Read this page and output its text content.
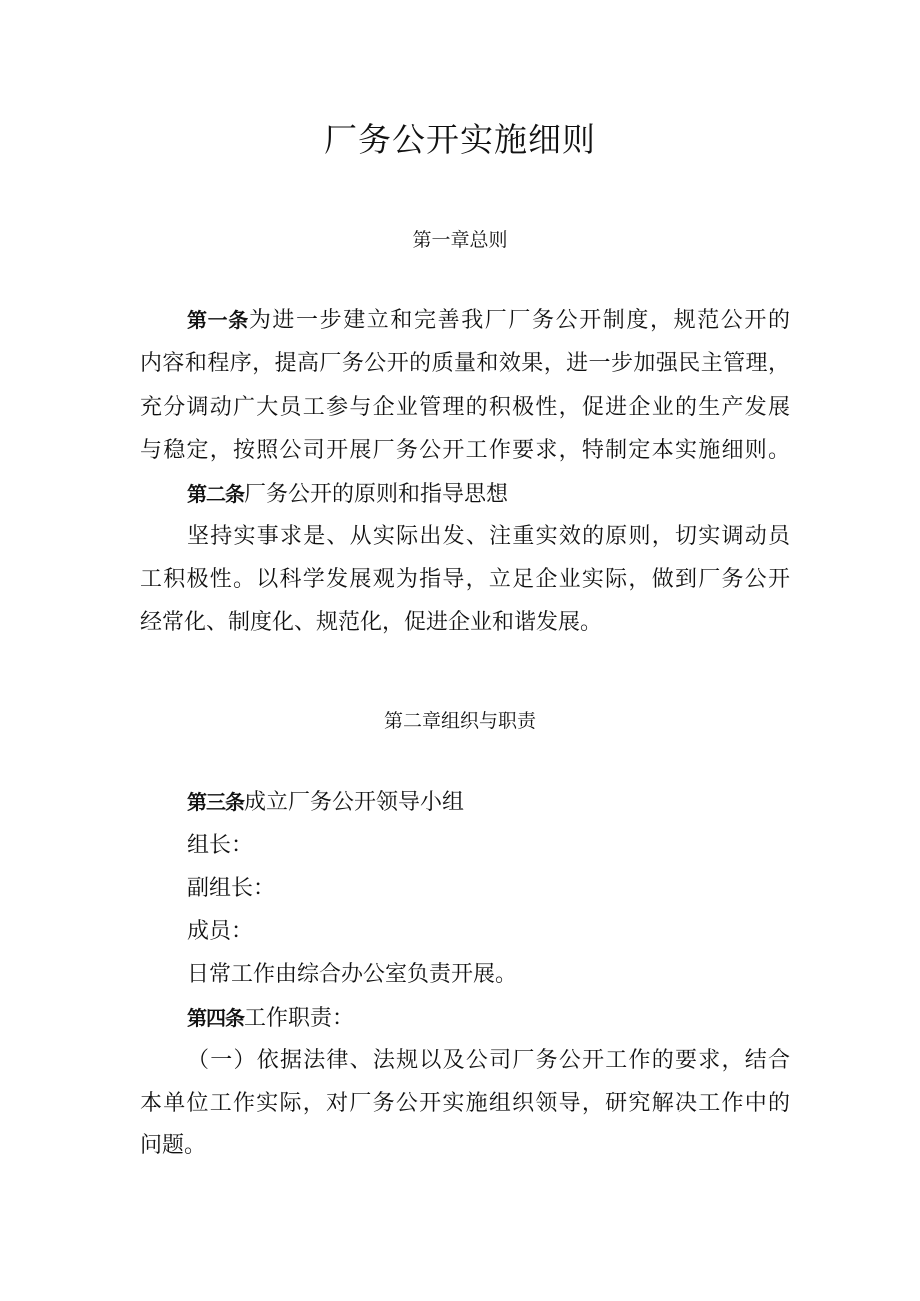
厂务公开实施细则
第一章总则
第一条为进一步建立和完善我厂厂务公开制度，规范公开的
内容和程序，提高厂务公开的质量和效果，进一步加强民主管理，
充分调动广大员工参与企业管理的积极性，促进企业的生产发展
与稳定，按照公司开展厂务公开工作要求，特制定本实施细则。
第二条厂务公开的原则和指导思想
坚持实事求是、从实际出发、注重实效的原则，切实调动员
工积极性。以科学发展观为指导，立足企业实际，做到厂务公开
经常化、制度化、规范化，促进企业和谐发展。
第二章组织与职责
第三条成立厂务公开领导小组
组长：
副组长：
成员：
日常工作由综合办公室负责开展。
第四条工作职责：
（一）依据法律、法规以及公司厂务公开工作的要求，结合
本单位工作实际，对厂务公开实施组织领导，研究解决工作中的
问题。
